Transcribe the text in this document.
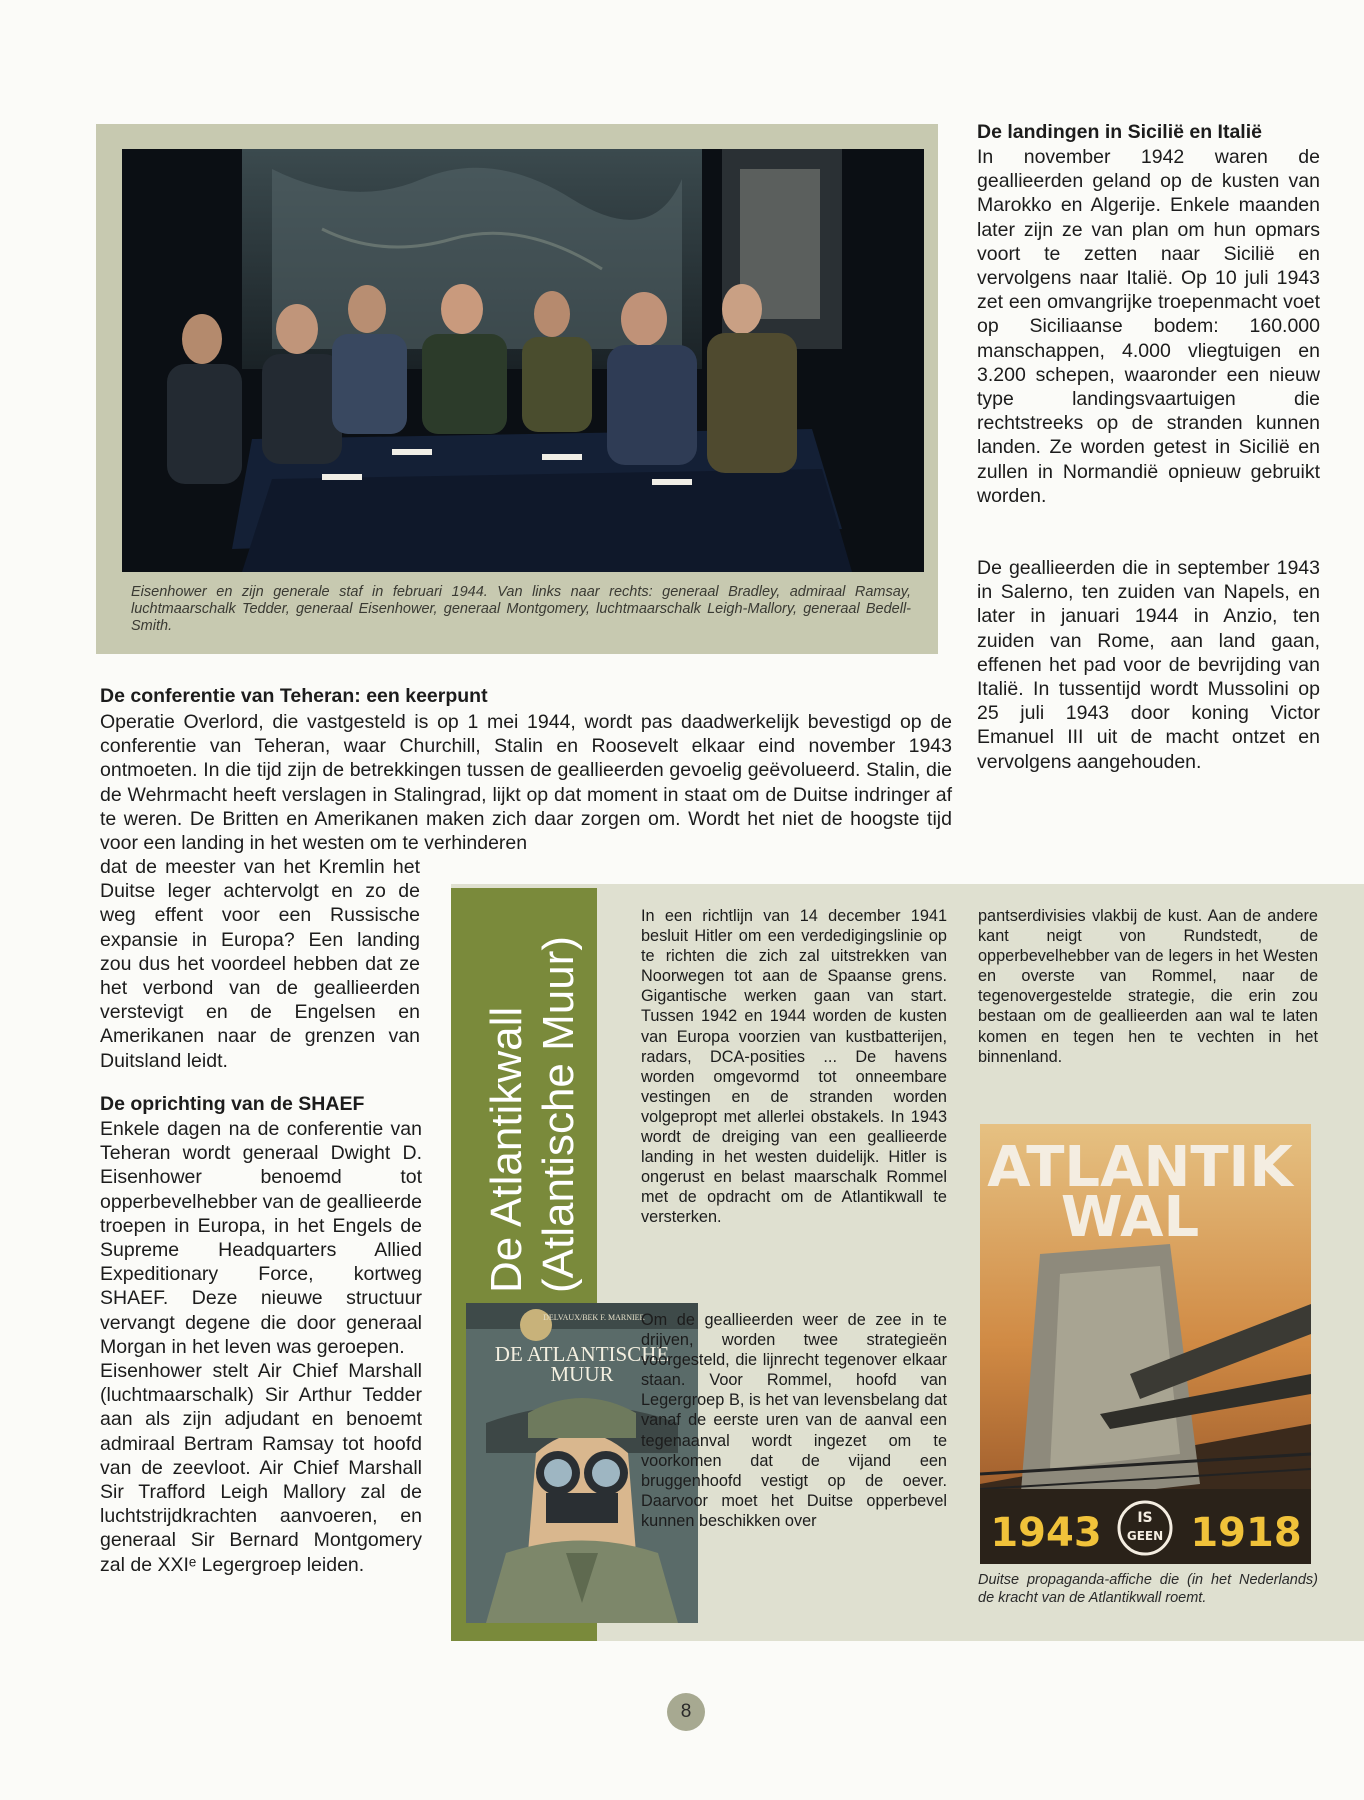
Eisenhower en zijn generale staf in februari 1944. Van links naar rechts: generaal Bradley, admiraal Ramsay, luchtmaarschalk Tedder, generaal Eisenhower, generaal Montgomery, luchtmaarschalk Leigh-Mallory, generaal Bedell-Smith.

De landingen in Sicilië en Italië

In november 1942 waren de geallieerden geland op de kusten van Marokko en Algerije. Enkele maanden later zijn ze van plan om hun opmars voort te zetten naar Sicilië en vervolgens naar Italië. Op 10 juli 1943 zet een omvangrijke troepenmacht voet op Siciliaanse bodem: 160.000 manschappen, 4.000 vliegtuigen en 3.200 schepen, waaronder een nieuw type landingsvaartuigen die rechtstreeks op de stranden kunnen landen. Ze worden getest in Sicilië en zullen in Normandië opnieuw gebruikt worden.

De geallieerden die in september 1943 in Salerno, ten zuiden van Napels, en later in januari 1944 in Anzio, ten zuiden van Rome, aan land gaan, effenen het pad voor de bevrijding van Italië. In tussentijd wordt Mussolini op 25 juli 1943 door koning Victor Emanuel III uit de macht ontzet en vervolgens aangehouden.

De conferentie van Teheran: een keerpunt

Operatie Overlord, die vastgesteld is op 1 mei 1944, wordt pas daadwerkelijk bevestigd op de conferentie van Teheran, waar Churchill, Stalin en Roosevelt elkaar eind november 1943 ontmoeten. In die tijd zijn de betrekkingen tussen de geallieerden gevoelig geëvolueerd. Stalin, die de Wehrmacht heeft verslagen in Stalingrad, lijkt op dat moment in staat om de Duitse indringer af te weren. De Britten en Amerikanen maken zich daar zorgen om. Wordt het niet de hoogste tijd voor een landing in het westen om te verhinderen

dat de meester van het Kremlin het Duitse leger achtervolgt en zo de weg effent voor een Russische expansie in Europa? Een landing zou dus het voordeel hebben dat ze het verbond van de geallieerden verstevigt en de Engelsen en Amerikanen naar de grenzen van Duitsland leidt.

De oprichting van de SHAEF

Enkele dagen na de conferentie van Teheran wordt generaal Dwight D. Eisenhower benoemd tot opperbevelhebber van de geallieerde troepen in Europa, in het Engels de Supreme Headquarters Allied Expeditionary Force, kortweg SHAEF. Deze nieuwe structuur vervangt degene die door generaal Morgan in het leven was geroepen.

Eisenhower stelt Air Chief Marshall (luchtmaarschalk) Sir Arthur Tedder aan als zijn adjudant en benoemt admiraal Bertram Ramsay tot hoofd van de zeevloot. Air Chief Marshall Sir Trafford Leigh Mallory zal de luchtstrijdkrachten aanvoeren, en generaal Sir Bernard Montgomery zal de XXIᵉ Legergroep leiden.

De Atlantikwall (Atlantische Muur)
DELVAUX/BEK F. MARNIER
DE ATLANTISCHE
MUUR

In een richtlijn van 14 december 1941 besluit Hitler om een verdedigingslinie op te richten die zich zal uitstrekken van Noorwegen tot aan de Spaanse grens. Gigantische werken gaan van start. Tussen 1942 en 1944 worden de kusten van Europa voorzien van kustbatterijen, radars, DCA-posities ... De havens worden omgevormd tot onneembare vestingen en de stranden worden volgepropt met allerlei obstakels. In 1943 wordt de dreiging van een geallieerde landing in het westen duidelijk. Hitler is ongerust en belast maarschalk Rommel met de opdracht om de Atlantikwall te versterken.

Om de geallieerden weer de zee in te drijven, worden twee strategieën voorgesteld, die lijnrecht tegenover elkaar staan. Voor Rommel, hoofd van Legergroep B, is het van levensbelang dat vanaf de eerste uren van de aanval een tegenaanval wordt ingezet om te voorkomen dat de vijand een bruggenhoofd vestigt op de oever. Daarvoor moet het Duitse opperbevel kunnen beschikken over

pantserdivisies vlakbij de kust. Aan de andere kant neigt von Rundstedt, de opperbevelhebber van de legers in het Westen en overste van Rommel, naar de tegenovergestelde strategie, die erin zou bestaan om de geallieerden aan wal te laten komen en tegen hen te vechten in het binnenland.

ATLANTIK
WAL
1943	IS
GEEN 1918

Duitse propaganda-affiche die (in het Nederlands) de kracht van de Atlantikwall roemt.

8
